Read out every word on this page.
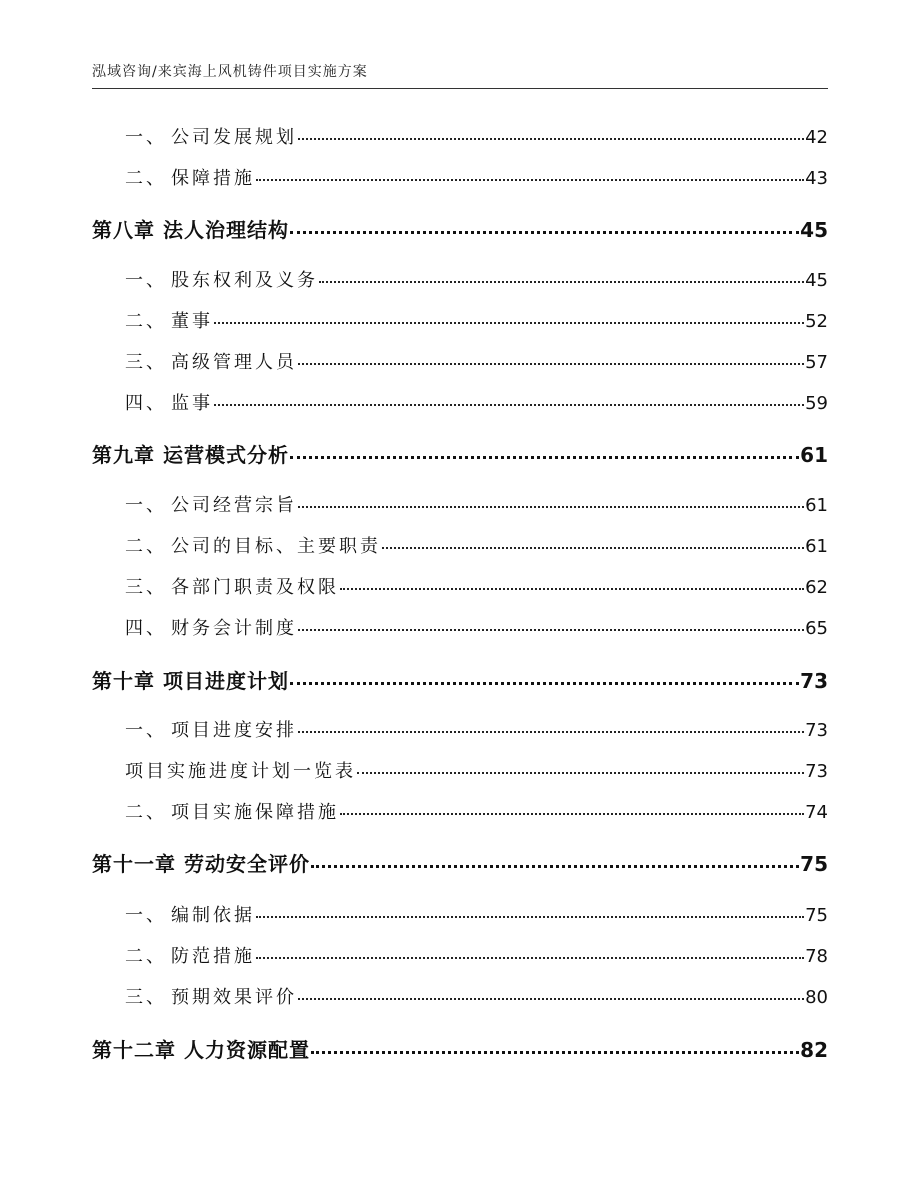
泓域咨询/来宾海上风机铸件项目实施方案
一、 公司发展规划	42
二、 保障措施	43
第八章 法人治理结构	45
一、 股东权利及义务	45
二、 董事	52
三、 高级管理人员	57
四、 监事	59
第九章 运营模式分析	61
一、 公司经营宗旨	61
二、 公司的目标、主要职责	61
三、 各部门职责及权限	62
四、 财务会计制度	65
第十章 项目进度计划	73
一、 项目进度安排	73
项目实施进度计划一览表	73
二、 项目实施保障措施	74
第十一章 劳动安全评价	75
一、 编制依据	75
二、 防范措施	78
三、 预期效果评价	80
第十二章 人力资源配置	82
